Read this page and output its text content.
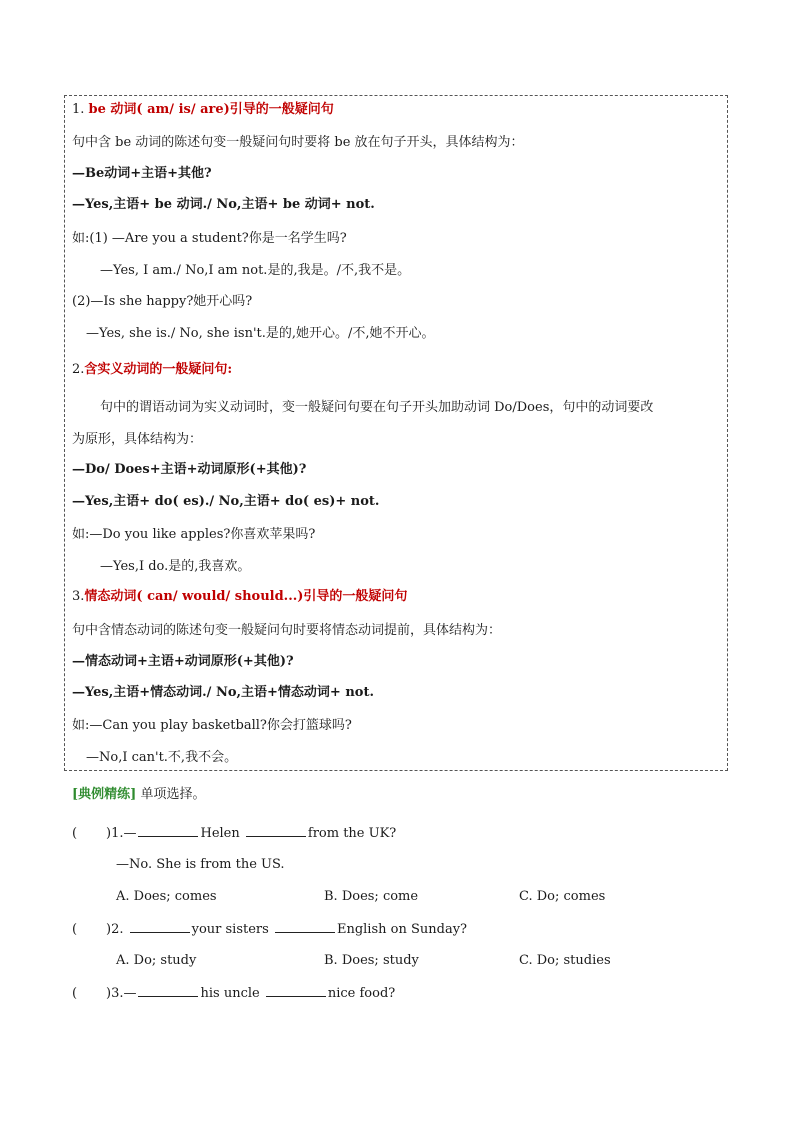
1. be 动词( am/ is/ are)引导的一般疑问句
句中含 be 动词的陈述句变一般疑问句时要将 be 放在句子开头，具体结构为：
—Be动词+主语+其他?
—Yes,主语+ be 动词./ No,主语+ be 动词+ not.
如:(1) —Are you a student?你是一名学生吗?
—Yes, I am./ No,I am not.是的,我是。/不,我不是。
(2)—Is she happy?她开心吗?
—Yes, she is./ No, she isn't.是的,她开心。/不,她不开心。
2.含实义动词的一般疑问句:
句中的谓语动词为实义动词时，变一般疑问句要在句子开头加助动词 Do/Does，句中的动词要改
为原形，具体结构为：
—Do/ Does+主语+动词原形(+其他)?
—Yes,主语+ do( es)./ No,主语+ do( es)+ not.
如:—Do you like apples?你喜欢苹果吗?
—Yes,I do.是的,我喜欢。
3.情态动词( can/ would/ should...)引导的一般疑问句
句中含情态动词的陈述句变一般疑问句时要将情态动词提前，具体结构为：
—情态动词+主语+动词原形(+其他)?
—Yes,主语+情态动词./ No,主语+情态动词+ not.
如:—Can you play basketball?你会打篮球吗?
—No,I can't.不,我不会。
[典例精练] 单项选择。
( )1.—	Helen	from the UK?
—No. She is from the US.
A. Does; comes	B. Does; come	C. Do; comes
( )2.	your sisters	English on Sunday?
A. Do; study	B. Does; study	C. Do; studies
( )3.—	his uncle	nice food?
